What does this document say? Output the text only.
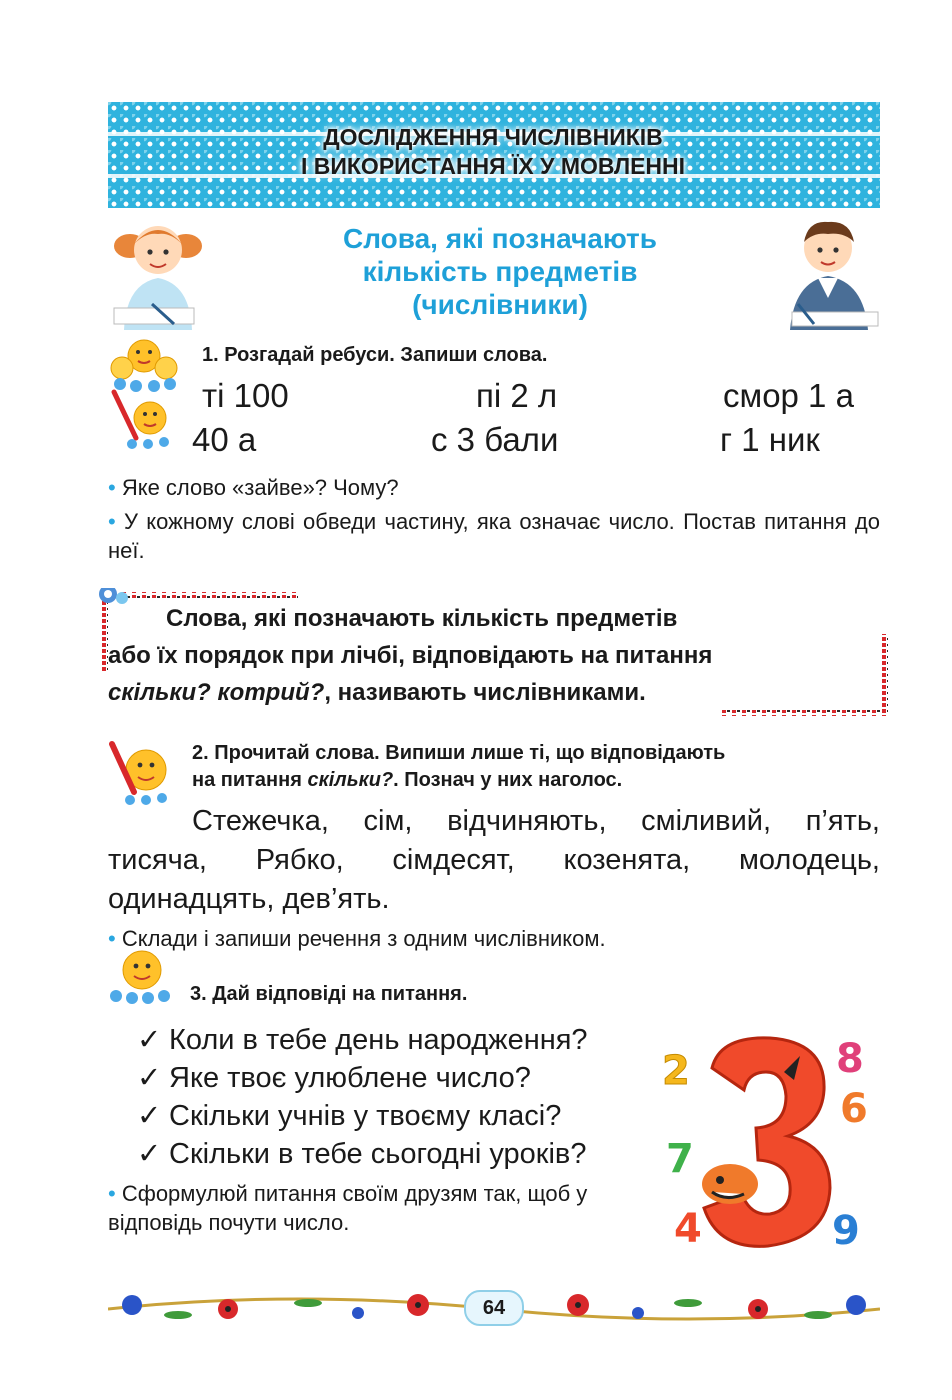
ДОСЛІДЖЕННЯ ЧИСЛІВНИКІВ
І ВИКОРИСТАННЯ ЇХ У МОВЛЕННІ
Слова, які позначають
кількість предметів
(числівники)
1. Розгадай ребуси. Запиши слова.
ті 100	пі 2 л	смор 1 а
40 а	с 3 бали	г 1 ник
• Яке слово «зайве»? Чому?
• У кожному слові обведи частину, яка означає число. Постав питання до неї.
Слова, які позначають кількість предметів
або їх порядок при лічбі, відповідають на питання
скільки? котрий?, називають числівниками.
2. Прочитай слова. Випиши лише ті, що відповідають
на питання скільки?. Познач у них наголос.
Стежечка, сім, відчиняють, сміливий, п’ять, тисяча, Рябко, сімдесят, козенята, молодець, одинадцять, дев’ять.
• Склади і запиши речення з одним числівником.
3. Дай відповіді на питання.
✓ Коли в тебе день народження?
✓ Яке твоє улюблене число?
✓ Скільки учнів у твоєму класі?
✓ Скільки в тебе сьогодні уроків?
• Сформулюй питання своїм друзям так, щоб у відповідь почути число.
2	8
6
7
4	9
64
